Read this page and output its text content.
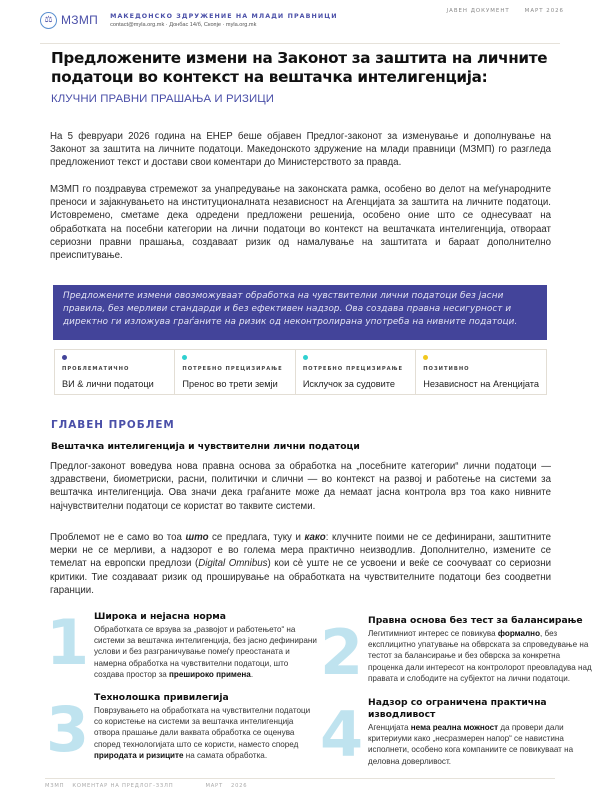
⚖ МЗМП МАКЕДОНСКО ЗДРУЖЕНИЕ НА МЛАДИ ПРАВНИЦИ
contact@myla.org.mk · Донбас 14/б, Скопје · myla.org.mk
ЈАВЕН ДОКУМЕНТ	МАРТ 2026
Предложените измени на Законот за заштита на личните податоци во контекст на вештачка интелигенција:
КЛУЧНИ ПРАВНИ ПРАШАЊА И РИЗИЦИ

На 5 февруари 2026 година на ЕНЕР беше објавен Предлог-законот за изменување и дополнување на Законот за заштита на личните податоци. Македонското здружение на млади правници (МЗМП) го разгледа предложениот текст и достави свои коментари до Министерството за правда.

МЗМП го поздравува стремежот за унапредување на законската рамка, особено во делот на меѓународните преноси и зајакнувањето на институционалната независност на Агенцијата за заштита на личните податоци. Истовремено, сметаме дека одредени предложени решенија, особено оние што се однесуваат на обработката на посебни категории на лични податоци во контекст на вештачката интелигенција, отвораат сериозни правни прашања, создаваат ризик од намалување на заштитата и бараат дополнително преиспитување.

Предложените измени овозможуваат обработка на чувствителни лични податоци без јасни правила, без мерливи стандарди и без ефективен надзор. Ова создава правна несигурност и директно ги изложува граѓаните на ризик од неконтролирана употреба на нивните податоци.

ПРОБЛЕМАТИЧНО
ВИ & лични податоци
ПОТРЕБНО ПРЕЦИЗИРАЊЕ
Пренос во трети земји
ПОТРЕБНО ПРЕЦИЗИРАЊЕ
Исклучок за судовите
ПОЗИТИВНО
Независност на Агенцијата
ГЛАВЕН ПРОБЛЕМ
Вештачка интелигенција и чувствителни лични податоци

Предлог-законот воведува нова правна основа за обработка на „посебните категории“ лични податоци — здравствени, биометриски, расни, политички и слични — во контекст на развој и работење на системи за вештачка интелигенција. Ова значи дека граѓаните може да немаат јасна контрола врз тоа како нивните најчувствителни податоци се користат во таквите системи.

Проблемот не е само во тоа што се предлага, туку и како: клучните поими не се дефинирани, заштитните мерки не се мерливи, а надзорот е во голема мера практично неизводлив. Дополнително, измените се темелат на европски предлози (Digital Omnibus) кои сè уште не се усвоени и веќе се соочуваат со сериозни критики. Тие создаваат ризик од проширување на обработката на чувствителните податоци без соодветни гаранции.

1 Широка и нејасна норма
Обработката се врзува за „развојот и работењето“ на системи за вештачка интелигенција, без јасно дефинирани услови и без разграничување помеѓу преостаната и намерна обработка на чувствителни податоци, што создава простор за прешироко примена.	2 Правна основа без тест за балансирање
Легитимниот интерес се повикува формално, без експлицитно упатување на обврската за спроведување на тестот за балансирање и без обврска за конкретна проценка дали интересот на контролорот преовладува над правата и слободите на субјектот на лични податоци.
3 Технолошка привилегија
Поврзувањето на обработката на чувствителни податоци со користење на системи за вештачка интелигенција отвора прашање дали ваквата обработка се оценува според технологијата што се користи, наместо според природата и ризиците на самата обработка. 4 Надзор со ограничена практична изводливост
Агенцијата нема реална можност да провери дали критериуми како „несразмерен напор“ се навистина исполнети, особено кога компаниите се повикуваат на деловна доверливост.
МЗМП КОМЕНТАР НА ПРЕДЛОГ-ЗЗЛП	МАРТ 2026
